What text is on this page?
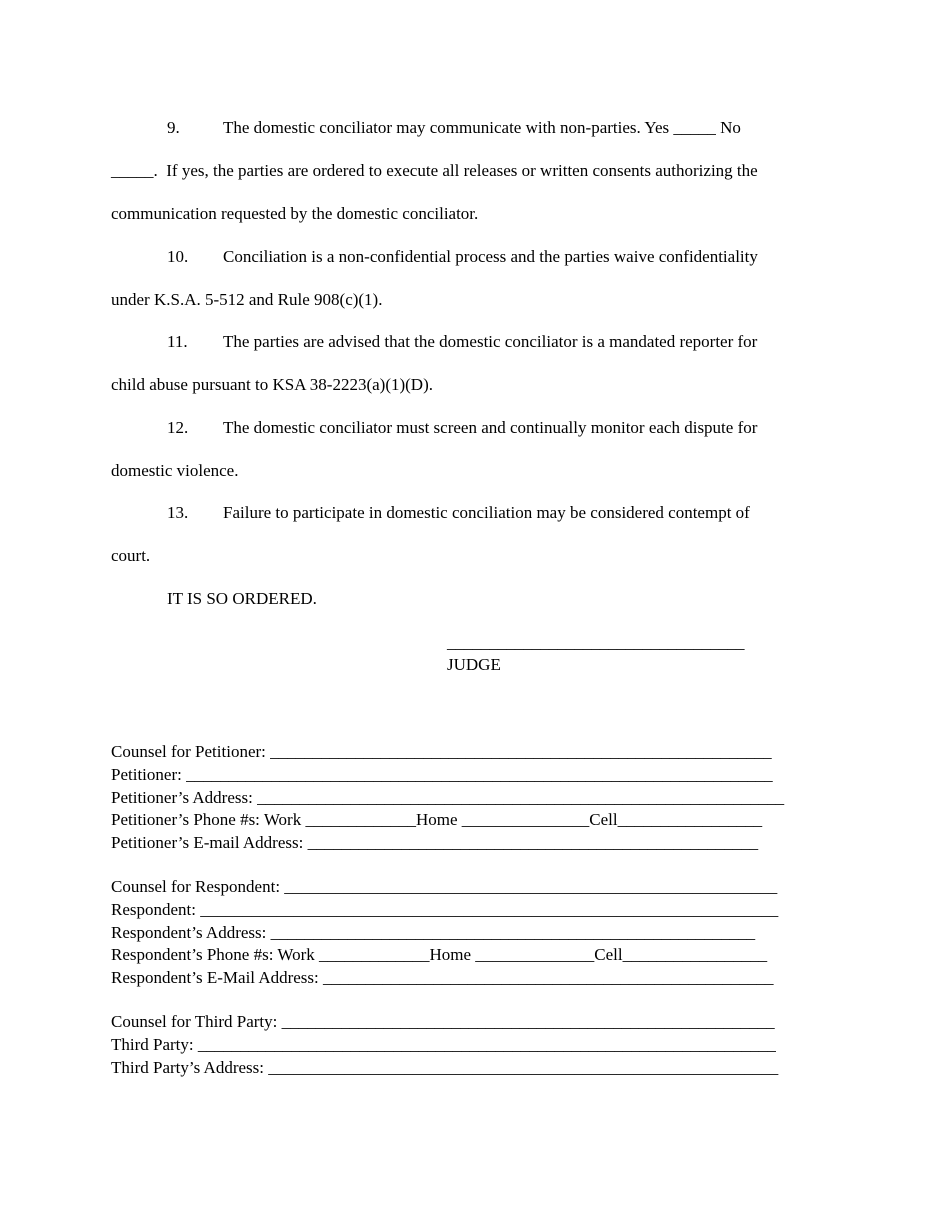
9.	The domestic conciliator may communicate with non-parties. Yes _____ No
_____.  If yes, the parties are ordered to execute all releases or written consents authorizing the
communication requested by the domestic conciliator.
10. Conciliation is a non-confidential process and the parties waive confidentiality
under K.S.A. 5-512 and Rule 908(c)(1).
11. The parties are advised that the domestic conciliator is a mandated reporter for
child abuse pursuant to KSA 38-2223(a)(1)(D).
12. The domestic conciliator must screen and continually monitor each dispute for
domestic violence.
13. Failure to participate in domestic conciliation may be considered contempt of
court.
IT IS SO ORDERED.
___________________________________
JUDGE
Counsel for Petitioner: ___________________________________________________________
Petitioner: _____________________________________________________________________
Petitioner’s Address: ______________________________________________________________
Petitioner’s Phone #s: Work _____________Home _______________Cell_________________
Petitioner’s E-mail Address: _____________________________________________________
Counsel for Respondent: __________________________________________________________
Respondent: ____________________________________________________________________
Respondent’s Address: _________________________________________________________
Respondent’s Phone #s: Work _____________Home ______________Cell_________________
Respondent’s E-Mail Address: _____________________________________________________
Counsel for Third Party: __________________________________________________________
Third Party: ____________________________________________________________________
Third Party’s Address: ____________________________________________________________
